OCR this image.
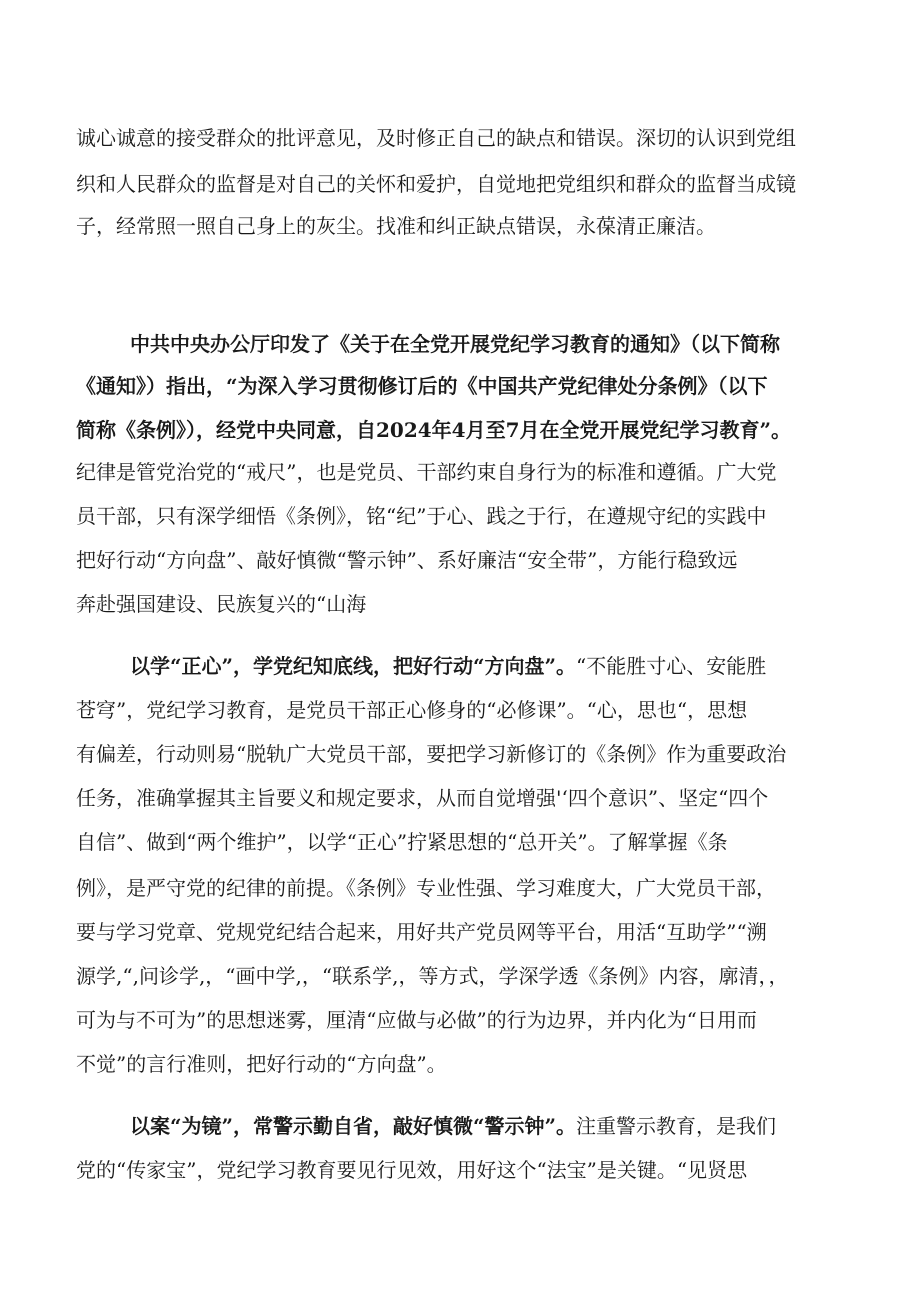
诚心诚意的接受群众的批评意见，及时修正自己的缺点和错误。深切的认识到党组
织和人民群众的监督是对自己的关怀和爱护，自觉地把党组织和群众的监督当成镜
子，经常照一照自己身上的灰尘。找准和纠正缺点错误，永葆清正廉洁。
中共中央办公厅印发了《关于在全党开展党纪学习教育的通知》（以下简称
《通知》）指出，“为深入学习贯彻修订后的《中国共产党纪律处分条例》（以下
简称《条例》），经党中央同意，自2024年4月至7月在全党开展党纪学习教育”。
纪律是管党治党的“戒尺”，也是党员、干部约束自身行为的标准和遵循。广大党
员干部，只有深学细悟《条例》，铭“纪”于心、践之于行，在遵规守纪的实践中
把好行动“方向盘”、敲好慎微“警示钟”、系好廉洁“安全带”，方能行稳致远
奔赴强国建设、民族复兴的“山海
以学“正心”，学党纪知底线，把好行动“方向盘”。“不能胜寸心、安能胜
苍穹”，党纪学习教育，是党员干部正心修身的“必修课”。“心，思也“，思想
有偏差，行动则易“脱轨广大党员干部，要把学习新修订的《条例》作为重要政治
任务，准确掌握其主旨要义和规定要求，从而自觉增强'‘四个意识”、坚定“四个
自信”、做到“两个维护”，以学“正心”拧紧思想的“总开关”。了解掌握《条
例》，是严守党的纪律的前提。《条例》专业性强、学习难度大，广大党员干部，
要与学习党章、党规党纪结合起来，用好共产党员网等平台，用活“互助学”“溯
源学,“,问诊学,，“画中学,，“联系学,，等方式，学深学透《条例》内容，廓清，，
可为与不可为”的思想迷雾，厘清“应做与必做”的行为边界，并内化为“日用而
不觉”的言行准则，把好行动的“方向盘”。
以案“为镜”，常警示勤自省，敲好慎微“警示钟”。注重警示教育，是我们
党的“传家宝”，党纪学习教育要见行见效，用好这个“法宝”是关键。“见贤思
